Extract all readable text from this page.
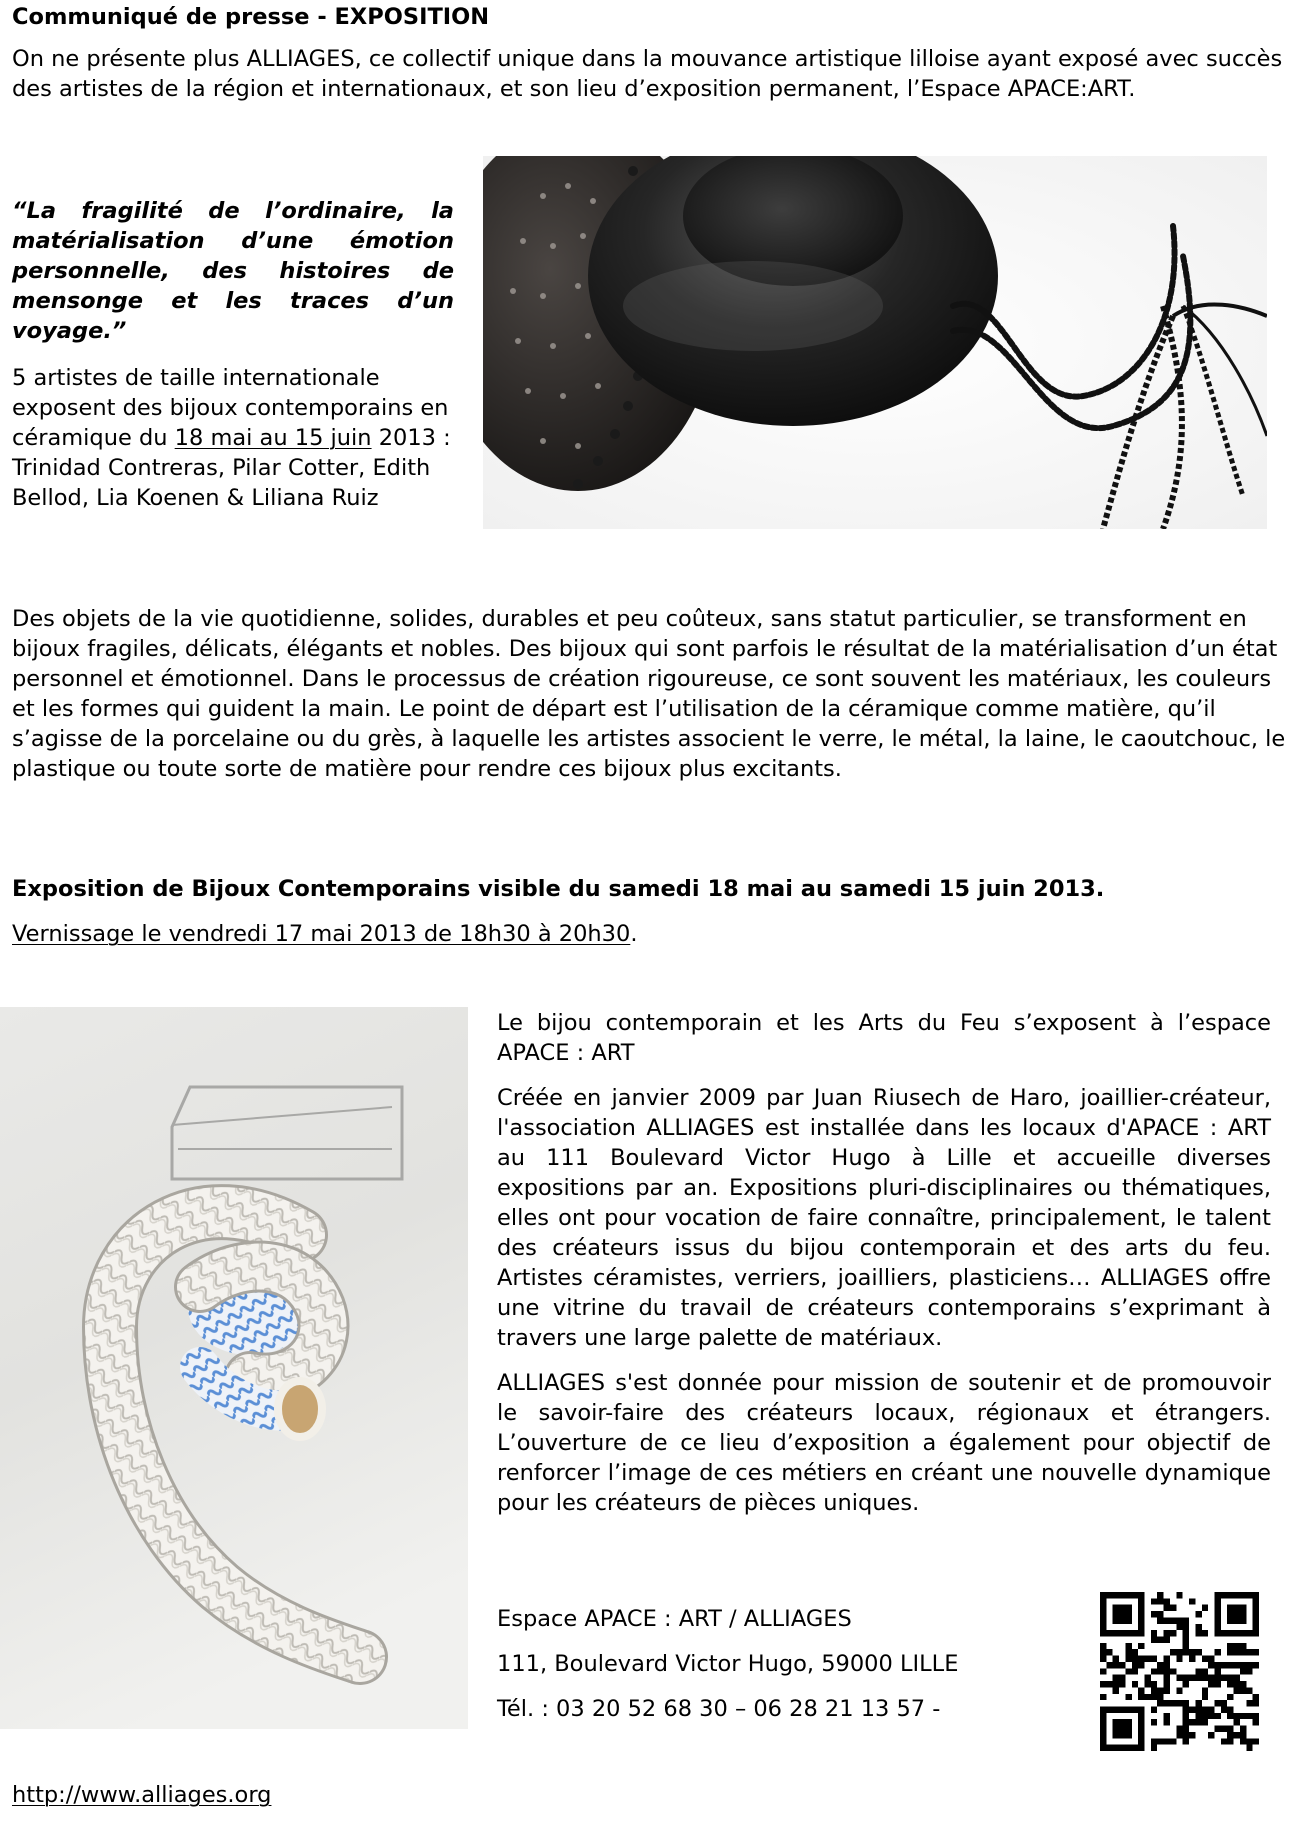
Communiqué de presse - EXPOSITION

On ne présente plus ALLIAGES, ce collectif unique dans la mouvance artistique lilloise ayant exposé avec succès des artistes de la région et internationaux, et son lieu d’exposition permanent, l’Espace APACE:ART.

“La fragilité de l’ordinaire, la matérialisation d’une émotion personnelle, des histoires de mensonge et les traces d’un voyage.”

5 artistes de taille internationale exposent des bijoux contemporains en céramique du 18 mai au 15 juin 2013 : Trinidad Contreras, Pilar Cotter, Edith Bellod, Lia Koenen & Liliana Ruiz

Des objets de la vie quotidienne, solides, durables et peu coûteux, sans statut particulier, se transforment en bijoux fragiles, délicats, élégants et nobles. Des bijoux qui sont parfois le résultat de la matérialisation d’un état personnel et émotionnel. Dans le processus de création rigoureuse, ce sont souvent les matériaux, les couleurs et les formes qui guident la main. Le point de départ est l’utilisation de la céramique comme matière, qu’il s’agisse de la porcelaine ou du grès, à laquelle les artistes associent le verre, le métal, la laine, le caoutchouc, le plastique ou toute sorte de matière pour rendre ces bijoux plus excitants.

Exposition de Bijoux Contemporains visible du samedi 18 mai au samedi 15 juin 2013.
Vernissage le vendredi 17 mai 2013 de 18h30 à 20h30.

Le bijou contemporain et les Arts du Feu s’exposent à l’espace APACE : ART

Créée en janvier 2009 par Juan Riusech de Haro, joaillier-créateur, l'association ALLIAGES est installée dans les locaux d'APACE : ART au 111 Boulevard Victor Hugo à Lille et accueille diverses expositions par an. Expositions pluri-disciplinaires ou thématiques, elles ont pour vocation de faire connaître, principalement, le talent des créateurs issus du bijou contemporain et des arts du feu. Artistes céramistes, verriers, joailliers, plasticiens… ALLIAGES offre une vitrine du travail de créateurs contemporains s’exprimant à travers une large palette de matériaux.

ALLIAGES s'est donnée pour mission de soutenir et de promouvoir le savoir-faire des créateurs locaux, régionaux et étrangers. L’ouverture de ce lieu d’exposition a également pour objectif de renforcer l’image de ces métiers en créant une nouvelle dynamique pour les créateurs de pièces uniques.

Espace APACE : ART / ALLIAGES
111, Boulevard Victor Hugo, 59000 LILLE
Tél. : 03 20 52 68 30 – 06 28 21 13 57 -
http://www.alliages.org
